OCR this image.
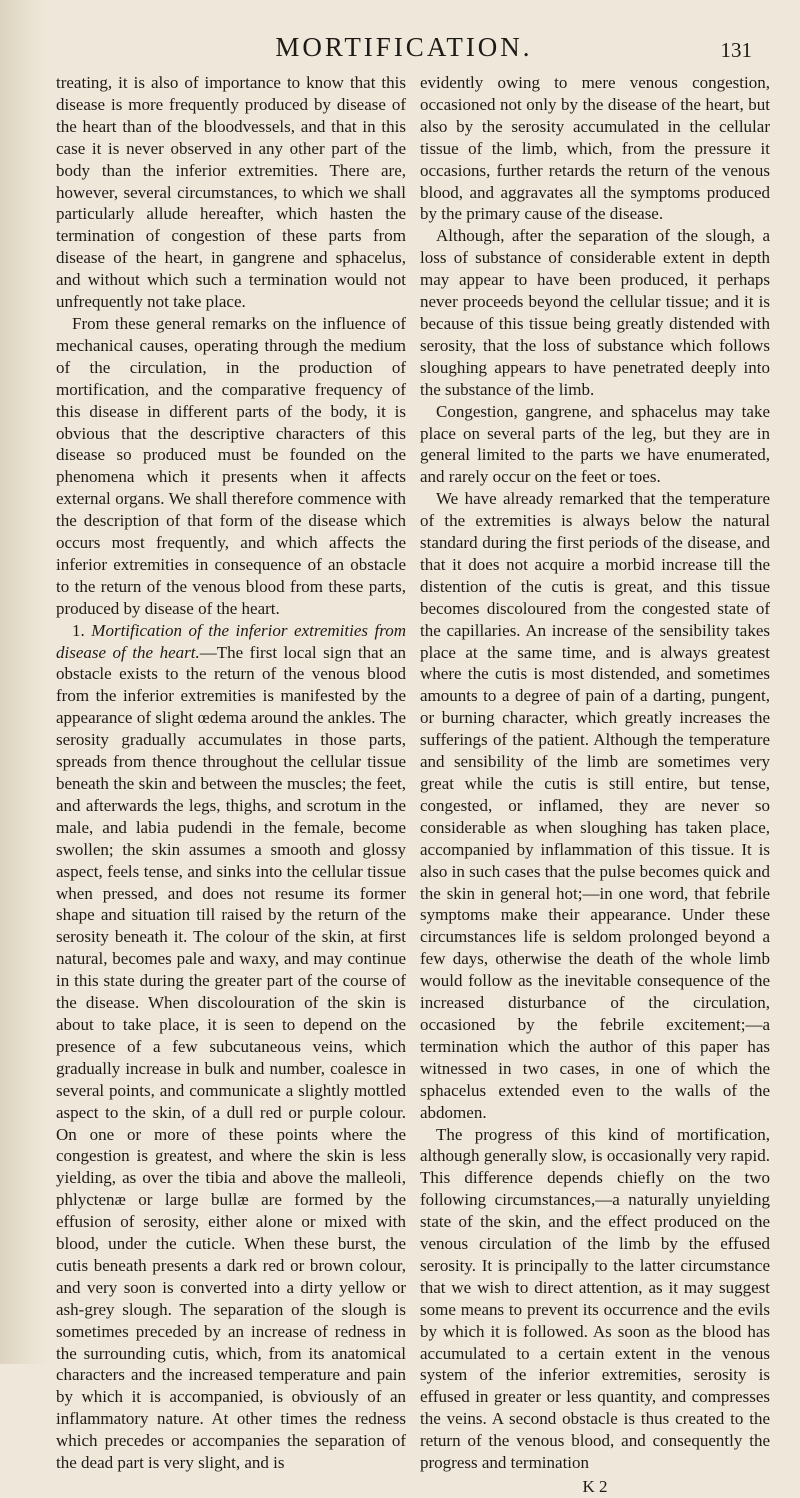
MORTIFICATION.	131

treating, it is also of importance to know that this disease is more frequently produced by disease of the heart than of the bloodvessels, and that in this case it is never observed in any other part of the body than the inferior extremities. There are, however, several circumstances, to which we shall particularly allude hereafter, which hasten the termination of congestion of these parts from disease of the heart, in gangrene and sphacelus, and without which such a termination would not unfrequently not take place.

From these general remarks on the influence of mechanical causes, operating through the medium of the circulation, in the production of mortification, and the comparative frequency of this disease in different parts of the body, it is obvious that the descriptive characters of this disease so produced must be founded on the phenomena which it presents when it affects external organs. We shall therefore commence with the description of that form of the disease which occurs most frequently, and which affects the inferior extremities in consequence of an obstacle to the return of the venous blood from these parts, produced by disease of the heart.

1. Mortification of the inferior extremities from disease of the heart.—The first local sign that an obstacle exists to the return of the venous blood from the inferior extremities is manifested by the appearance of slight œdema around the ankles. The serosity gradually accumulates in those parts, spreads from thence throughout the cellular tissue beneath the skin and between the muscles; the feet, and afterwards the legs, thighs, and scrotum in the male, and labia pudendi in the female, become swollen; the skin assumes a smooth and glossy aspect, feels tense, and sinks into the cellular tissue when pressed, and does not resume its former shape and situation till raised by the return of the serosity beneath it. The colour of the skin, at first natural, becomes pale and waxy, and may continue in this state during the greater part of the course of the disease. When discolouration of the skin is about to take place, it is seen to depend on the presence of a few subcutaneous veins, which gradually increase in bulk and number, coalesce in several points, and communicate a slightly mottled aspect to the skin, of a dull red or purple colour. On one or more of these points where the congestion is greatest, and where the skin is less yielding, as over the tibia and above the malleoli, phlyctenæ or large bullæ are formed by the effusion of serosity, either alone or mixed with blood, under the cuticle. When these burst, the cutis beneath presents a dark red or brown colour, and very soon is converted into a dirty yellow or ash-grey slough. The separation of the slough is sometimes preceded by an increase of redness in the surrounding cutis, which, from its anatomical characters and the increased temperature and pain by which it is accompanied, is obviously of an inflammatory nature. At other times the redness which precedes or accompanies the separation of the dead part is very slight, and is

evidently owing to mere venous congestion, occasioned not only by the disease of the heart, but also by the serosity accumulated in the cellular tissue of the limb, which, from the pressure it occasions, further retards the return of the venous blood, and aggravates all the symptoms produced by the primary cause of the disease.

Although, after the separation of the slough, a loss of substance of considerable extent in depth may appear to have been produced, it perhaps never proceeds beyond the cellular tissue; and it is because of this tissue being greatly distended with serosity, that the loss of substance which follows sloughing appears to have penetrated deeply into the substance of the limb.

Congestion, gangrene, and sphacelus may take place on several parts of the leg, but they are in general limited to the parts we have enumerated, and rarely occur on the feet or toes.

We have already remarked that the temperature of the extremities is always below the natural standard during the first periods of the disease, and that it does not acquire a morbid increase till the distention of the cutis is great, and this tissue becomes discoloured from the congested state of the capillaries. An increase of the sensibility takes place at the same time, and is always greatest where the cutis is most distended, and sometimes amounts to a degree of pain of a darting, pungent, or burning character, which greatly increases the sufferings of the patient. Although the temperature and sensibility of the limb are sometimes very great while the cutis is still entire, but tense, congested, or inflamed, they are never so considerable as when sloughing has taken place, accompanied by inflammation of this tissue. It is also in such cases that the pulse becomes quick and the skin in general hot;—in one word, that febrile symptoms make their appearance. Under these circumstances life is seldom prolonged beyond a few days, otherwise the death of the whole limb would follow as the inevitable consequence of the increased disturbance of the circulation, occasioned by the febrile excitement;—a termination which the author of this paper has witnessed in two cases, in one of which the sphacelus extended even to the walls of the abdomen.

The progress of this kind of mortification, although generally slow, is occasionally very rapid. This difference depends chiefly on the two following circumstances,—a naturally unyielding state of the skin, and the effect produced on the venous circulation of the limb by the effused serosity. It is principally to the latter circumstance that we wish to direct attention, as it may suggest some means to prevent its occurrence and the evils by which it is followed. As soon as the blood has accumulated to a certain extent in the venous system of the inferior extremities, serosity is effused in greater or less quantity, and compresses the veins. A second obstacle is thus created to the return of the venous blood, and consequently the progress and termination

K 2
